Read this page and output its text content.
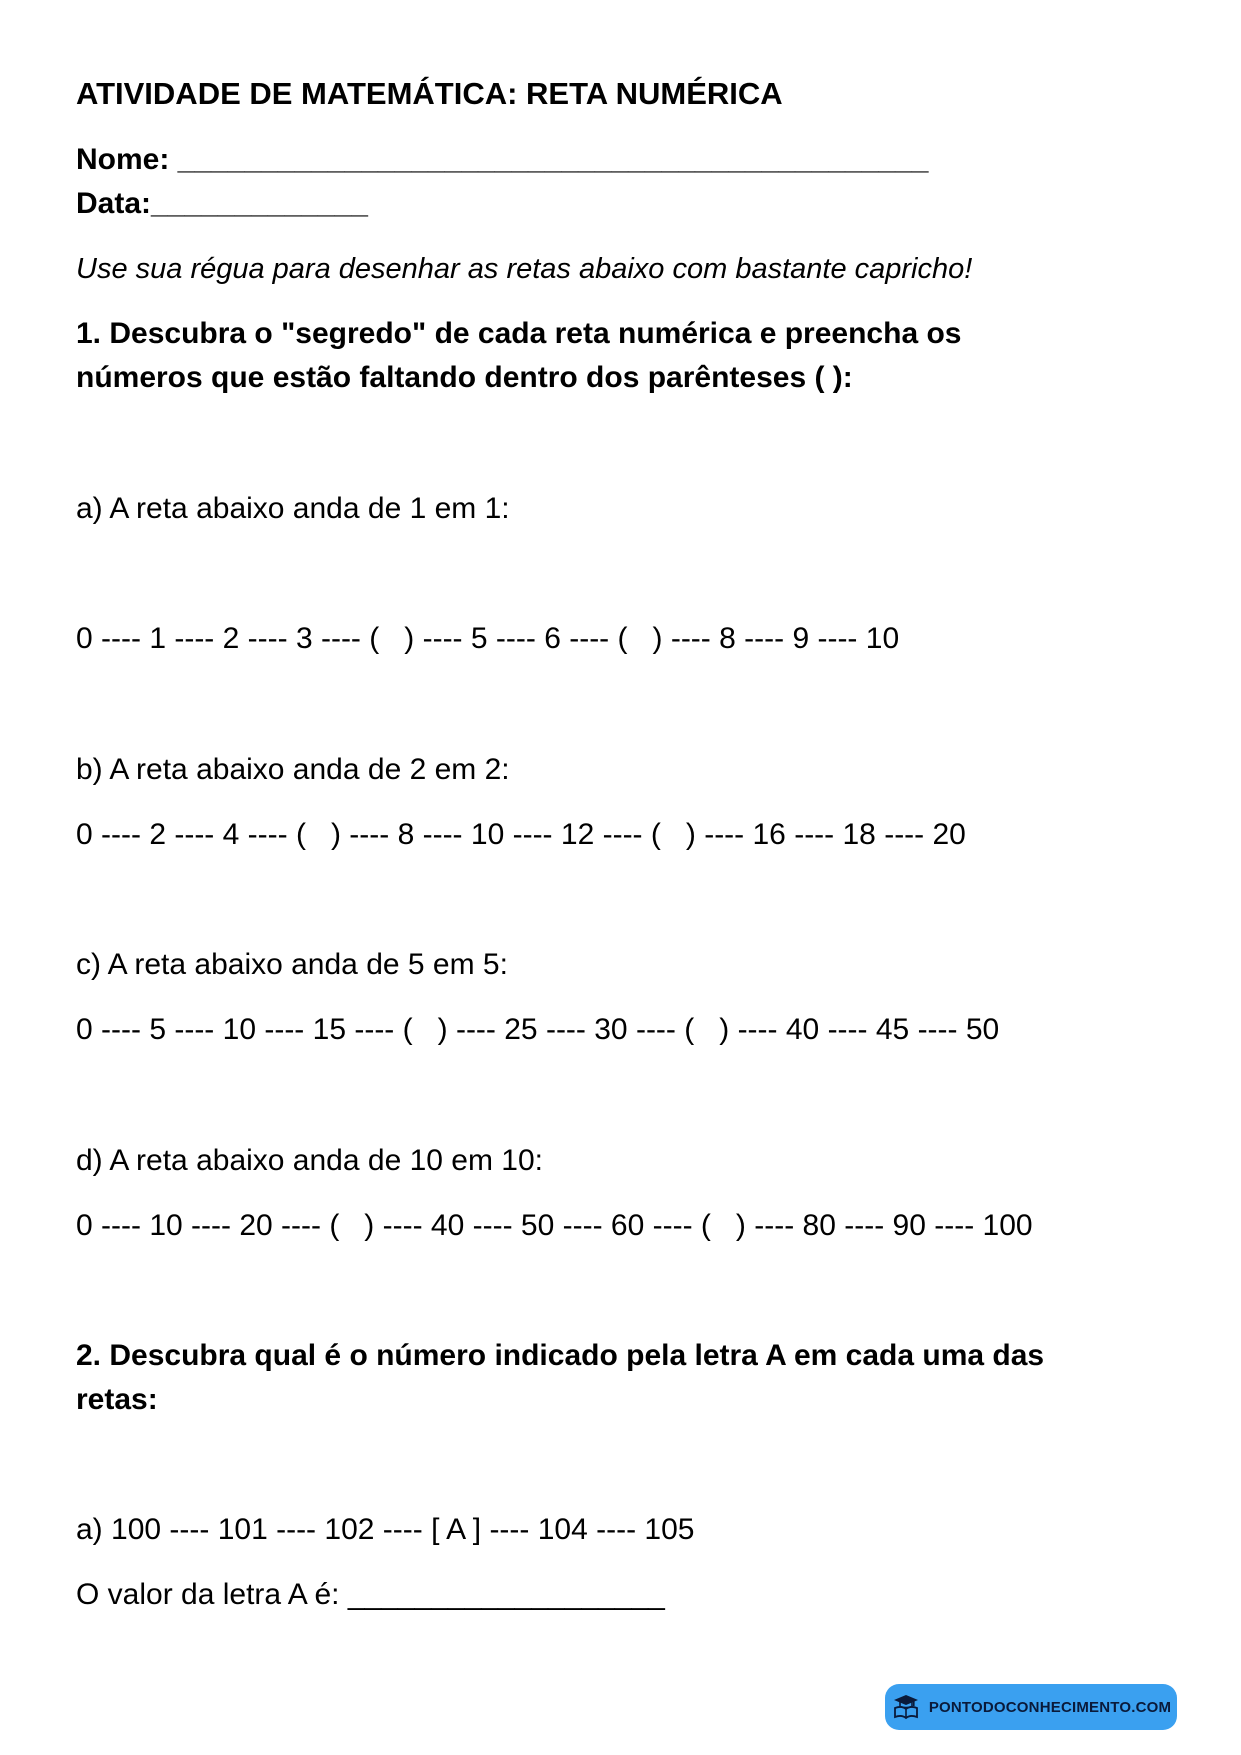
ATIVIDADE DE MATEMÁTICA: RETA NUMÉRICA
Nome: _____________________________________________
Data:_____________
Use sua régua para desenhar as retas abaixo com bastante capricho!
1. Descubra o "segredo" de cada reta numérica e preencha os
números que estão faltando dentro dos parênteses ( ):
a) A reta abaixo anda de 1 em 1:
0 ---- 1 ---- 2 ---- 3 ---- (   ) ---- 5 ---- 6 ---- (   ) ---- 8 ---- 9 ---- 10
b) A reta abaixo anda de 2 em 2:
0 ---- 2 ---- 4 ---- (   ) ---- 8 ---- 10 ---- 12 ---- (   ) ---- 16 ---- 18 ---- 20
c) A reta abaixo anda de 5 em 5:
0 ---- 5 ---- 10 ---- 15 ---- (   ) ---- 25 ---- 30 ---- (   ) ---- 40 ---- 45 ---- 50
d) A reta abaixo anda de 10 em 10:
0 ---- 10 ---- 20 ---- (   ) ---- 40 ---- 50 ---- 60 ---- (   ) ---- 80 ---- 90 ---- 100
2. Descubra qual é o número indicado pela letra A em cada uma das
retas:
a) 100 ---- 101 ---- 102 ---- [ A ] ---- 104 ---- 105
O valor da letra A é: ___________________
PONTODOCONHECIMENTO.COM
